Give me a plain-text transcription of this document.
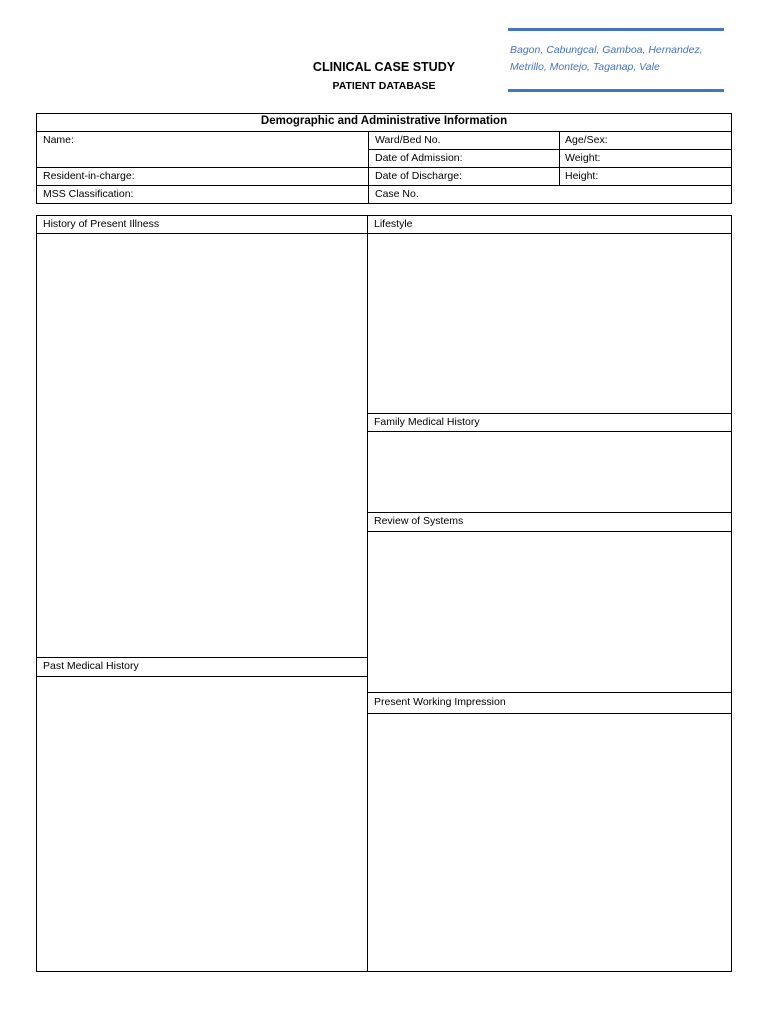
CLINICAL CASE STUDY
PATIENT DATABASE
Bagon, Cabungcal, Gamboa, Hernandez,
Metrillo, Montejo, Taganap, Vale
Demographic and Administrative Information
Name:	Ward/Bed No.	Age/Sex:
Date of Admission:	Weight:
Resident-in-charge:	Date of Discharge:	Height:
MSS Classification:	Case No.
History of Present Illness
Past Medical History
Lifestyle
Family Medical History
Review of Systems
Present Working Impression
